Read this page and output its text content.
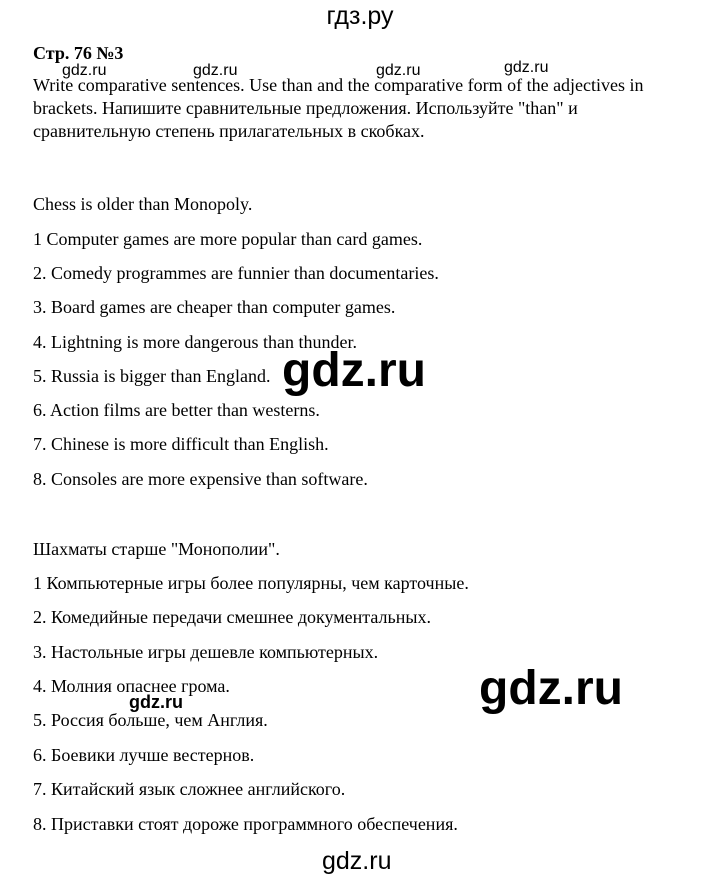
гдз.ру
Стр. 76 №3
Write comparative sentences. Use than and the comparative form of the adjectives in brackets. Напишите сравнительные предложения. Используйте "than" и сравнительную степень прилагательных в скобках.
Chess is older than Monopoly.
1 Computer games are more popular than card games.
2. Comedy programmes are funnier than documentaries.
3. Board games are cheaper than computer games.
4. Lightning is more dangerous than thunder.
5. Russia is bigger than England.
6. Action films are better than westerns.
7. Chinese is more difficult than English.
8. Consoles are more expensive than software.
Шахматы старше "Монополии".
1 Компьютерные игры более популярны, чем карточные.
2. Комедийные передачи смешнее документальных.
3. Настольные игры дешевле компьютерных.
4. Молния опаснее грома.
5. Россия больше, чем Англия.
6. Боевики лучше вестернов.
7. Китайский язык сложнее английского.
8. Приставки стоят дороже программного обеспечения.
gdz.ru	gdz.ru	gdz.ru	gdz.ru
gdz.ru
gdz.ru
gdz.ru
gdz.ru
